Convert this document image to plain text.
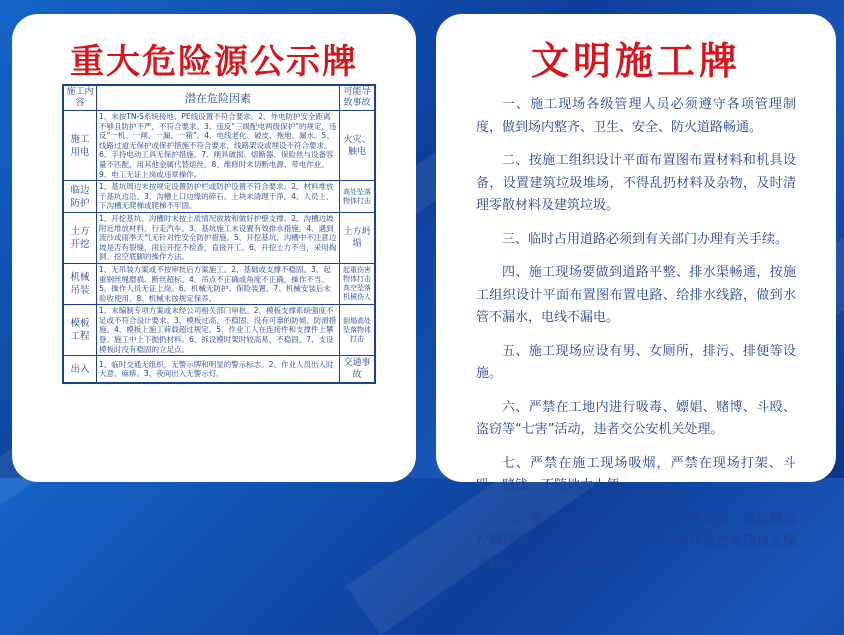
重大危险源公示牌
施工内容	潜在危险因素	可能导致事故
施工用电	1、未按TN-S系统接地、PE线设置不符合要求。2、外电防护安全距离不够且防护不严，不符合要求。3、违反“三级配电两级保护”的规定，违反“一机、一闸、一漏、一箱”。4、电线老化、破皮、拖地、漏水。5、线路过道无保护或保护措施不符合要求，线路架设或埋设不符合要求。6、手持电动工具无保护措施。7、闸具破损、熔断器、保险丝与设备容量不匹配，用其他金属代替熔丝。8、维修时未切断电源、带电作业。9、电工无证上岗或违章操作。	火灾、触电
临边防护	1、基坑周边未按规定设置防护栏或防护设置不符合要求。2、材料堆放于基坑边沿。3、沟槽上口边缘的碎石、土块未清理干净。4、人员上、下沟槽无爬梯或爬梯不牢固。	高处坠落物体打击
土方开挖	1、开挖基坑、沟槽时未按土质情况放坡和做好护壁支撑。2、沟槽边坡附近堆放材料、行走汽车。3、基坑施工未设置有效排水措施。4、遇到流沙或雨季天气无针对性安全防护措施。5、开挖基坑、沟槽中不注意边坡是否有裂缝，雨后开挖不检查，直接开工。6、开挖土方不当，采用掏洞、挖空底脚的操作方法。	土方坍塌
机械吊装	1、无吊装方案或不按审批后方案施工。2、基础或支撑不稳固。3、起重钢丝绳磨损、断丝超标。4、吊点不正确或角度不正确，操作不当。5、操作人员无证上岗。6、机械无防护、保险装置。7、机械安装后未验收使用。8、机械未按规定保养。	起重伤害物体打击高空坠落机械伤人
模板工程	1、未编制专项方案或未经公司相关部门审批。2、模板支撑系统强度不足或不符合设计要求。3、模板过高、不稳固、没有可靠的防倾、防滑措施。4、模板上施工荷载超过规定。5、作业工人在连接件和支撑件上攀登、施工中上下抛扔材料。6、拆设模时架时较高易、不稳固。7、支设模板时没有稳固的立足点。	倒塌高处坠落物体打击
出入	1、临时交通无组织，无警示牌和明显的警示标志。2、作业人员出入时大意、麻痹。3、夜间出入无警示灯。	交通事故
文明施工牌

一、施工现场各级管理人员必须遵守各项管理制度，做到场内整齐、卫生、安全、防火道路畅通。

二、按施工组织设计平面布置图布置材料和机具设备，设置建筑垃圾堆场，不得乱扔材料及杂物，及时清理零散材料及建筑垃圾。

三、临时占用道路必须到有关部门办理有关手续。

四、施工现场要做到道路平整、排水渠畅通，按施工组织设计平面布置图布置电路、给排水线路，做到水管不漏水，电线不漏电。

五、施工现场应设有男、女厕所，排污、排便等设施。

六、严禁在工地内进行吸毒、嫖娼、赌博、斗殴、盗窃等“七害”活动，违者交公安机关处理。

七、严禁在施工现场吸烟，严禁在现场打架、斗殴、赌钱、不随地大小便。

八、施工现场应遵守国家有关环保法规，采取措施控制现场的各种灰尘、废不排放、固体废物处理以及噪声和振动时环境保护的措施。
